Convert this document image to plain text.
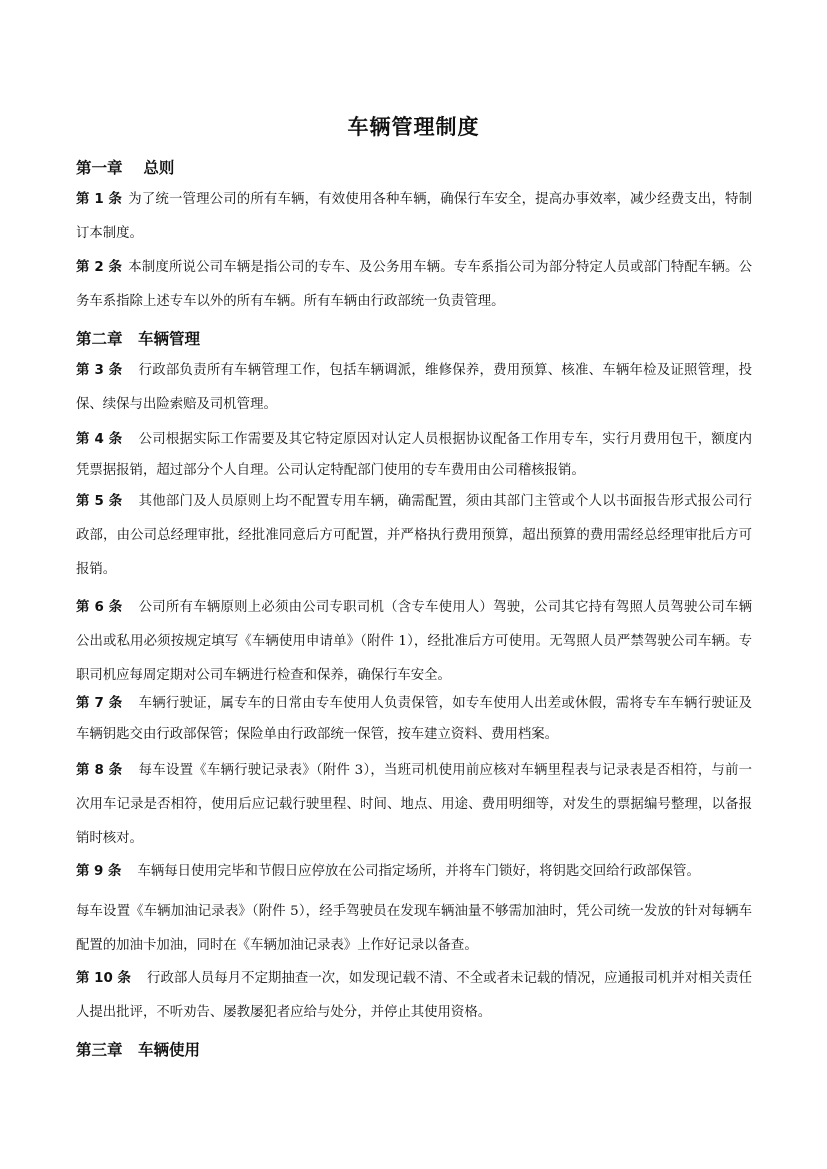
车辆管理制度
第一章　 总则

第 1 条 为了统一管理公司的所有车辆，有效使用各种车辆，确保行车安全，提高办事效率，减少经费支出，特制订本制度。

第 2 条 本制度所说公司车辆是指公司的专车、及公务用车辆。专车系指公司为部分特定人员或部门特配车辆。公务车系指除上述专车以外的所有车辆。所有车辆由行政部统一负责管理。

第二章　车辆管理

第 3 条 行政部负责所有车辆管理工作，包括车辆调派，维修保养，费用预算、核准、车辆年检及证照管理，投保、续保与出险索赔及司机管理。

第 4 条 公司根据实际工作需要及其它特定原因对认定人员根据协议配备工作用专车，实行月费用包干，额度内凭票据报销，超过部分个人自理。公司认定特配部门使用的专车费用由公司稽核报销。

第 5 条 其他部门及人员原则上均不配置专用车辆，确需配置，须由其部门主管或个人以书面报告形式报公司行政部，由公司总经理审批，经批准同意后方可配置，并严格执行费用预算，超出预算的费用需经总经理审批后方可报销。

第 6 条 公司所有车辆原则上必须由公司专职司机（含专车使用人）驾驶，公司其它持有驾照人员驾驶公司车辆公出或私用必须按规定填写《车辆使用申请单》（附件 1），经批准后方可使用。无驾照人员严禁驾驶公司车辆。专职司机应每周定期对公司车辆进行检查和保养，确保行车安全。

第 7 条 车辆行驶证，属专车的日常由专车使用人负责保管，如专车使用人出差或休假，需将专车车辆行驶证及车辆钥匙交由行政部保管；保险单由行政部统一保管，按车建立资料、费用档案。

第 8 条 每车设置《车辆行驶记录表》（附件 3），当班司机使用前应核对车辆里程表与记录表是否相符，与前一次用车记录是否相符，使用后应记载行驶里程、时间、地点、用途、费用明细等，对发生的票据编号整理，以备报销时核对。

第 9 条 车辆每日使用完毕和节假日应停放在公司指定场所，并将车门锁好，将钥匙交回给行政部保管。

每车设置《车辆加油记录表》（附件 5），经手驾驶员在发现车辆油量不够需加油时，凭公司统一发放的针对每辆车配置的加油卡加油，同时在《车辆加油记录表》上作好记录以备查。

第 10 条 行政部人员每月不定期抽查一次，如发现记载不清、不全或者未记载的情况，应通报司机并对相关责任人提出批评，不听劝告、屡教屡犯者应给与处分，并停止其使用资格。

第三章　车辆使用
